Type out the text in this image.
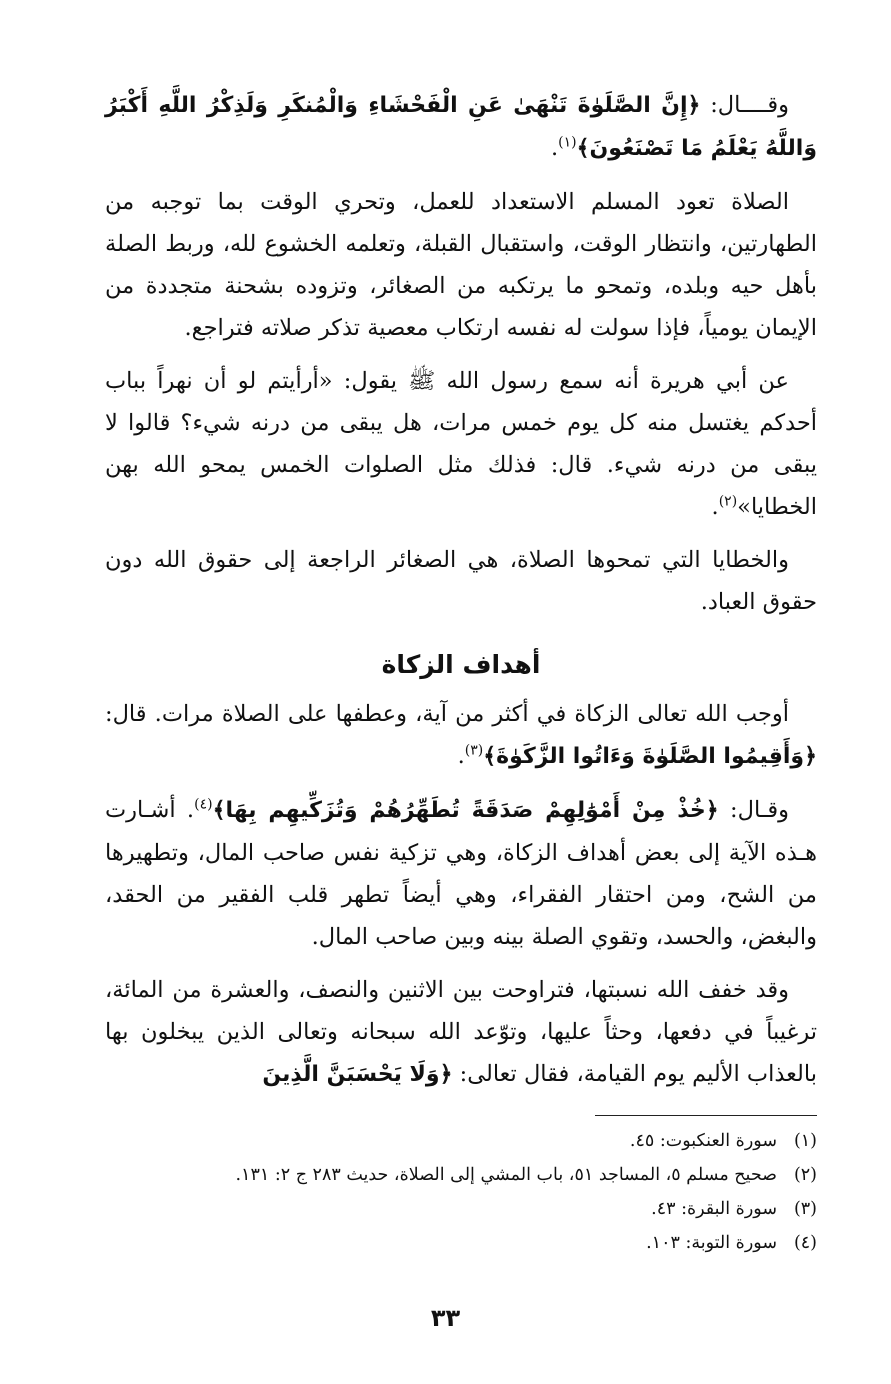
وقــــال: ﴿إِنَّ الصَّلَوٰةَ تَنْهَىٰ عَنِ الْفَحْشَاءِ وَالْمُنكَرِ وَلَذِكْرُ اللَّهِ أَكْبَرُ وَاللَّهُ يَعْلَمُ مَا تَصْنَعُونَ﴾$^{(١)}$.

الصلاة تعود المسلم الاستعداد للعمل، وتحري الوقت بما توجبه من الطهارتين، وانتظار الوقت، واستقبال القبلة، وتعلمه الخشوع لله، وربط الصلة بأهل حيه وبلده، وتمحو ما يرتكبه من الصغائر، وتزوده بشحنة متجددة من الإيمان يومياً، فإذا سولت له نفسه ارتكاب معصية تذكر صلاته فتراجع.

عن أبي هريرة أنه سمع رسول الله ﷺ يقول: «أرأيتم لو أن نهراً بباب أحدكم يغتسل منه كل يوم خمس مرات، هل يبقى من درنه شيء؟ قالوا لا يبقى من درنه شيء. قال: فذلك مثل الصلوات الخمس يمحو الله بهن الخطايا»$^{(٢)}$.

والخطايا التي تمحوها الصلاة، هي الصغائر الراجعة إلى حقوق الله دون حقوق العباد.

أهداف الزكاة

أوجب الله تعالى الزكاة في أكثر من آية، وعطفها على الصلاة مرات. قال: ﴿وَأَقِيمُوا الصَّلَوٰةَ وَءَاتُوا الزَّكَوٰةَ﴾$^{(٣)}$.

وقـال: ﴿خُذْ مِنْ أَمْوَٰلِهِمْ صَدَقَةً تُطَهِّرُهُمْ وَتُزَكِّيهِم بِهَا﴾$^{(٤)}$. أشـارت هـذه الآية إلى بعض أهداف الزكاة، وهي تزكية نفس صاحب المال، وتطهيرها من الشح، ومن احتقار الفقراء، وهي أيضاً تطهر قلب الفقير من الحقد، والبغض، والحسد، وتقوي الصلة بينه وبين صاحب المال.

وقد خفف الله نسبتها، فتراوحت بين الاثنين والنصف، والعشرة من المائة، ترغيباً في دفعها، وحثاً عليها، وتوّعد الله سبحانه وتعالى الذين يبخلون بها بالعذاب الأليم يوم القيامة، فقال تعالى: ﴿وَلَا يَحْسَبَنَّ الَّذِينَ

(١)سورة العنكبوت: ٤٥.

(٢)صحيح مسلم ٥، المساجد ٥١، باب المشي إلى الصلاة، حديث ٢٨٣ ج ٢: ١٣١.

(٣)سورة البقرة: ٤٣.

(٤)سورة التوبة: ١٠٣.

٣٣
